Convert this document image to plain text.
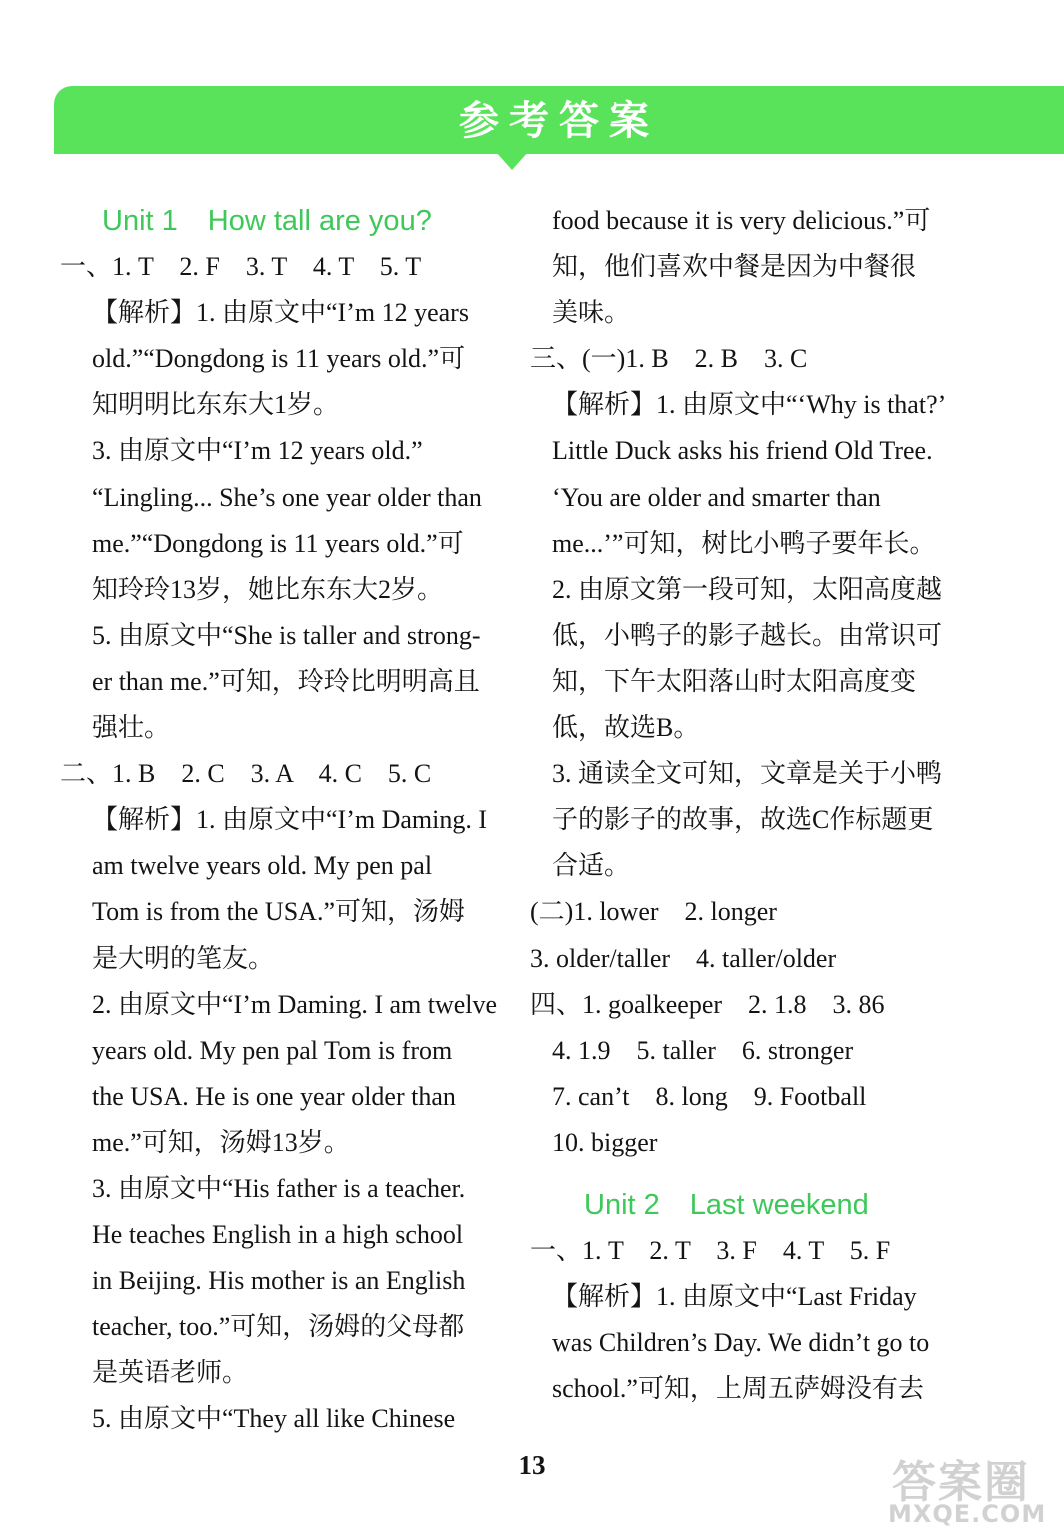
参考答案
Unit 1 How tall are you?
一、1. T　2. F　3. T　4. T　5. T
【解析】1. 由原文中“I’m 12 years
old.”“Dongdong is 11 years old.”可
知明明比东东大1岁。
3. 由原文中“I’m 12 years old.”
“Lingling... She’s one year older than
me.”“Dongdong is 11 years old.”可
知玲玲13岁，她比东东大2岁。
5. 由原文中“She is taller and strong-
er than me.”可知，玲玲比明明高且
强壮。
二、1. B　2. C　3. A　4. C　5. C
【解析】1. 由原文中“I’m Daming. I
am twelve years old. My pen pal
Tom is from the USA.”可知，汤姆
是大明的笔友。
2. 由原文中“I’m Daming. I am twelve
years old. My pen pal Tom is from
the USA. He is one year older than
me.”可知，汤姆13岁。
3. 由原文中“His father is a teacher.
He teaches English in a high school
in Beijing. His mother is an English
teacher, too.”可知，汤姆的父母都
是英语老师。
5. 由原文中“They all like Chinese
food because it is very delicious.”可
知，他们喜欢中餐是因为中餐很
美味。
三、(一)1. B　2. B　3. C
【解析】1. 由原文中“‘Why is that?’
Little Duck asks his friend Old Tree.
‘You are older and smarter than
me...’”可知，树比小鸭子要年长。
2. 由原文第一段可知，太阳高度越
低，小鸭子的影子越长。由常识可
知，下午太阳落山时太阳高度变
低，故选B。
3. 通读全文可知，文章是关于小鸭
子的影子的故事，故选C作标题更
合适。
(二)1. lower　2. longer
3. older/taller　4. taller/older
四、1. goalkeeper　2. 1.8　3. 86
4. 1.9　5. taller　6. stronger
7. can’t　8. long　9. Football
10. bigger
Unit 2 Last weekend
一、1. T　2. T　3. F　4. T　5. F
【解析】1. 由原文中“Last Friday
was Children’s Day. We didn’t go to
school.”可知，上周五萨姆没有去
13	答案圈
MXQE.COM
